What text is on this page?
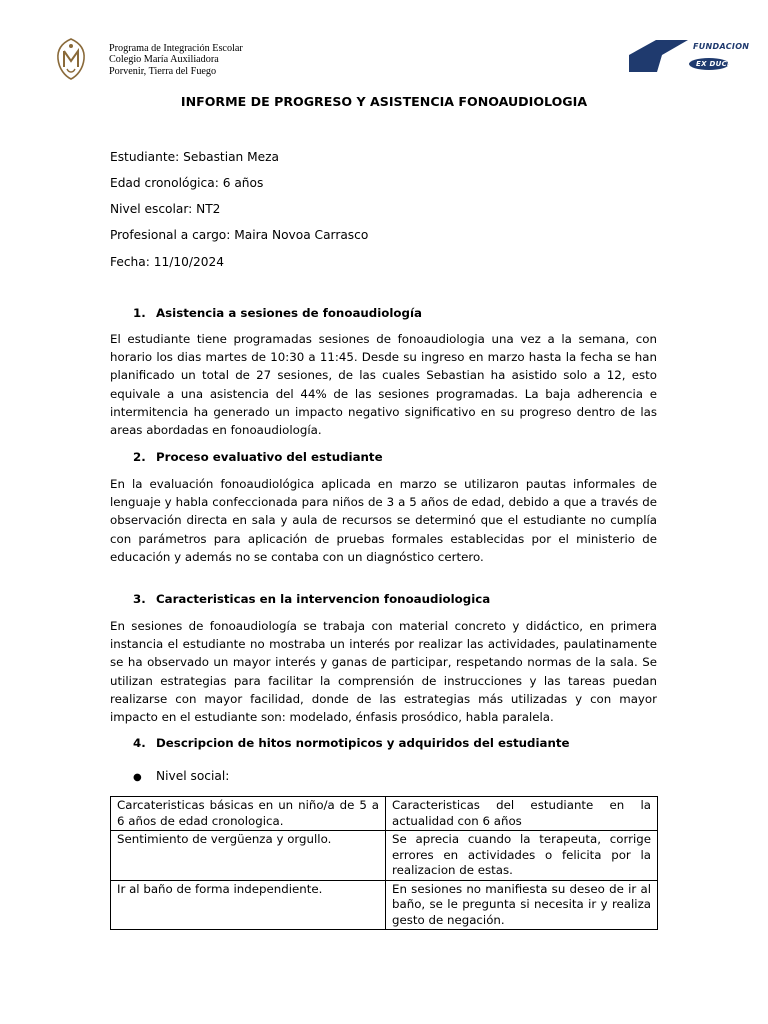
Programa de Integración Escolar
Colegio María Auxiliadora
Porvenir, Tierra del Fuego
FUNDACION
EX DUCERE
INFORME DE PROGRESO Y ASISTENCIA FONOAUDIOLOGIA
Estudiante: Sebastian Meza
Edad cronológica: 6 años
Nivel escolar: NT2
Profesional a cargo: Maira Novoa Carrasco
Fecha: 11/10/2024
1. Asistencia a sesiones de fonoaudiología

El estudiante tiene programadas sesiones de fonoaudiologia una vez a la semana, con horario los dias martes de 10:30 a 11:45. Desde su ingreso en marzo hasta la fecha se han planificado un total de 27 sesiones, de las cuales Sebastian ha asistido solo a 12, esto equivale a una asistencia del 44% de las sesiones programadas. La baja adherencia e intermitencia ha generado un impacto negativo significativo en su progreso dentro de las areas abordadas en fonoaudiología.

2. Proceso evaluativo del estudiante

En la evaluación fonoaudiológica aplicada en marzo se utilizaron pautas informales de lenguaje y habla confeccionada para niños de 3 a 5 años de edad, debido a que a través de observación directa en sala y aula de recursos se determinó que el estudiante no cumplía con parámetros para aplicación de pruebas formales establecidas por el ministerio de educación y además no se contaba con un diagnóstico certero.

3. Caracteristicas en la intervencion fonoaudiologica

En sesiones de fonoaudiología se trabaja con material concreto y didáctico, en primera instancia el estudiante no mostraba un interés por realizar las actividades, paulatinamente se ha observado un mayor interés y ganas de participar, respetando normas de la sala. Se utilizan estrategias para facilitar la comprensión de instrucciones y las tareas puedan realizarse con mayor facilidad, donde de las estrategias más utilizadas y con mayor impacto en el estudiante son: modelado, énfasis prosódico, habla paralela.

4. Descripcion de hitos normotipicos y adquiridos del estudiante
● Nivel social:
Carcateristicas básicas en un niño/a de 5 a 6 años de edad cronologica.	Caracteristicas del estudiante en la actualidad con 6 años
Sentimiento de vergüenza y orgullo.	Se aprecia cuando la terapeuta, corrige errores en actividades o felicita por la realizacion de estas.
Ir al baño de forma independiente.	En sesiones no manifiesta su deseo de ir al baño, se le pregunta si necesita ir y realiza gesto de negación.
